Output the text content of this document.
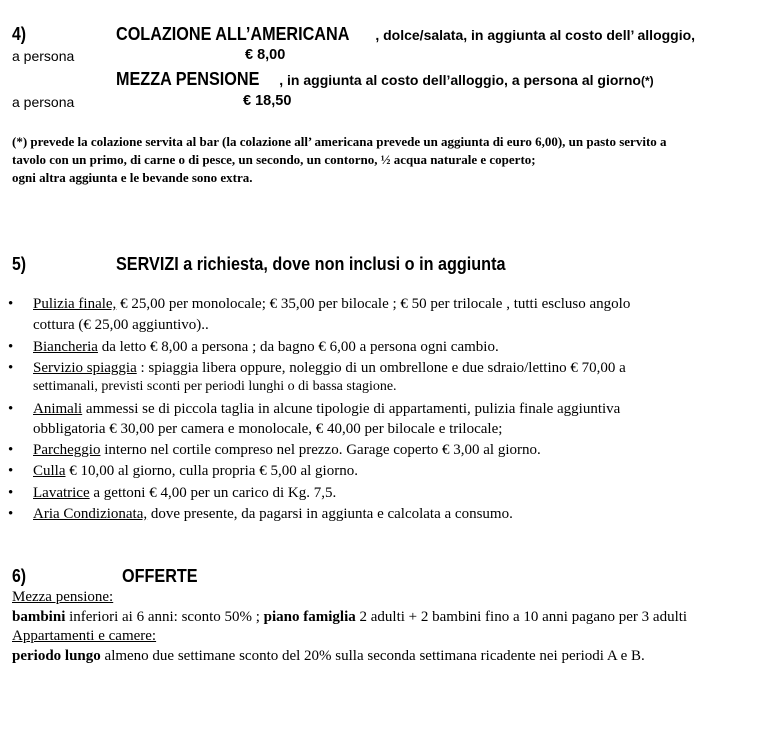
4)	COLAZIONE ALL’AMERICANA , dolce/salata, in aggiunta al costo dell’ alloggio,
a persona	€ 8,00
MEZZA PENSIONE , in aggiunta al costo dell’alloggio, a persona al giorno(*)
a persona	€ 18,50
(*) prevede la colazione servita al bar (la colazione all’ americana prevede un aggiunta di euro 6,00), un pasto servito a
tavolo con un primo, di carne o di pesce, un secondo, un contorno, ½ acqua naturale e coperto;
ogni altra aggiunta e le bevande sono extra.
5)	SERVIZI a richiesta, dove non inclusi o in aggiunta
• Pulizia finale, € 25,00 per monolocale; € 35,00 per bilocale ; € 50 per trilocale , tutti escluso angolo
cottura (€ 25,00 aggiuntivo)..
• Biancheria da letto € 8,00 a persona ; da bagno € 6,00 a persona ogni cambio.
• Servizio spiaggia : spiaggia libera oppure, noleggio di un ombrellone e due sdraio/lettino € 70,00 a
settimanali, previsti sconti per periodi lunghi o di bassa stagione.
• Animali ammessi se di piccola taglia in alcune tipologie di appartamenti, pulizia finale aggiuntiva
obbligatoria € 30,00 per camera e monolocale, € 40,00 per bilocale e trilocale;
• Parcheggio interno nel cortile compreso nel prezzo. Garage coperto € 3,00 al giorno.
• Culla € 10,00 al giorno, culla propria € 5,00 al giorno.
• Lavatrice a gettoni € 4,00 per un carico di Kg. 7,5.
• Aria Condizionata, dove presente, da pagarsi in aggiunta e calcolata a consumo.
6)	OFFERTE
Mezza pensione:
bambini inferiori ai 6 anni: sconto 50% ; piano famiglia 2 adulti + 2 bambini fino a 10 anni pagano per 3 adulti
Appartamenti e camere:
periodo lungo almeno due settimane sconto del 20% sulla seconda settimana ricadente nei periodi A e B.
